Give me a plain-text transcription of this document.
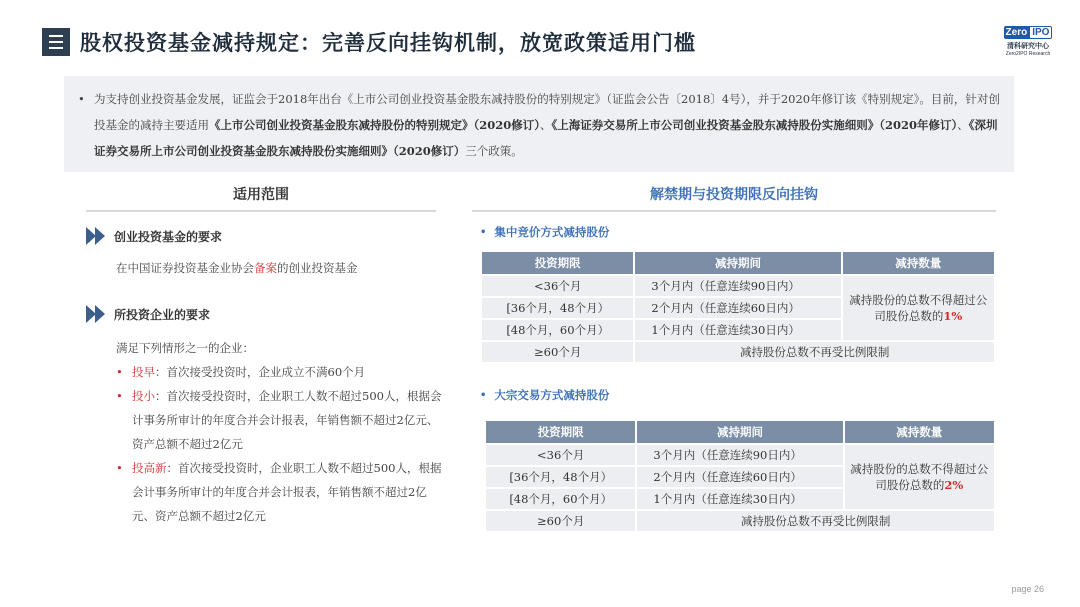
股权投资基金减持规定：完善反向挂钩机制，放宽政策适用门槛	Zero IPO
清科研究中心
Zero2IPO Research
• 为支持创业投资基金发展，证监会于2018年出台《上市公司创业投资基金股东减持股份的特别规定》（证监会公告〔2018〕4号），并于2020年修订该《特别规定》。目前，针对创投基金的减持主要适用《上市公司创业投资基金股东减持股份的特别规定》（2020修订）、《上海证券交易所上市公司创业投资基金股东减持股份实施细则》（2020年修订）、《深圳证券交易所上市公司创业投资基金股东减持股份实施细则》（2020修订）三个政策。
适用范围
创业投资基金的要求
在中国证券投资基金业协会备案的创业投资基金
所投资企业的要求
满足下列情形之一的企业：
• 投早：首次接受投资时，企业成立不满60个月
• 投小：首次接受投资时，企业职工人数不超过500人，根据会计事务所审计的年度合并会计报表，年销售额不超过2亿元、资产总额不超过2亿元
• 投高新：首次接受投资时，企业职工人数不超过500人，根据会计事务所审计的年度合并会计报表，年销售额不超过2亿元、资产总额不超过2亿元
解禁期与投资期限反向挂钩
• 集中竞价方式减持股份
投资期限	减持期间	减持数量
<36个月	3个月内（任意连续90日内）	减持股份的总数不得超过公司股份总数的1%
[36个月，48个月）	2个月内（任意连续60日内）	
[48个月，60个月）	1个月内（任意连续30日内）	
≥60个月	减持股份总数不再受比例限制	
• 大宗交易方式减持股份
投资期限	减持期间	减持数量
<36个月	3个月内（任意连续90日内）	减持股份的总数不得超过公司股份总数的2%
[36个月，48个月）	2个月内（任意连续60日内）	
[48个月，60个月）	1个月内（任意连续30日内）	
≥60个月	减持股份总数不再受比例限制	
page 26
